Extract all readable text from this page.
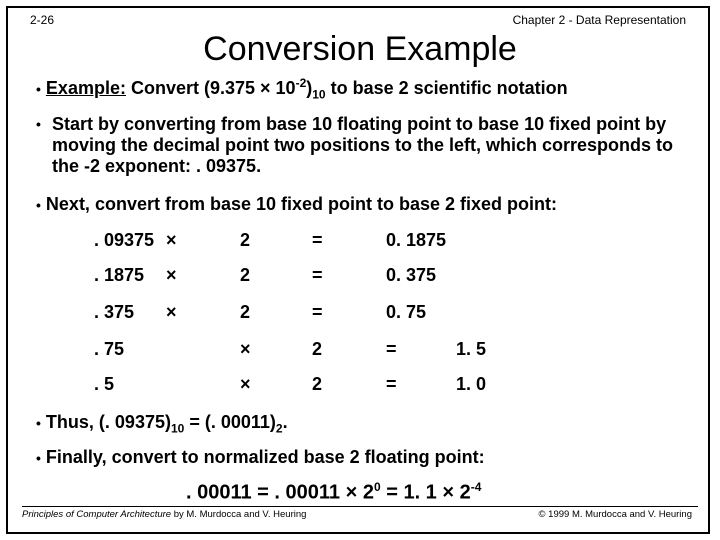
2-26	Chapter 2 - Data Representation
Conversion Example
• Example: Convert $(9.375 \times 10^{-2})_{10}$ to base 2 scientific notation
• Start by converting from base 10 floating point to base 10 fixed point by moving the decimal point two positions to the left, which corresponds to the -2 exponent: . 09375.
• Next, convert from base 10 fixed point to base 2 fixed point:
. 09375 ×	2	=	0. 1875
. 1875 ×	2	=	0. 375
. 375 ×	2	=	0. 75
. 75	×	2	=	1. 5
. 5	×	2	=	1. 0
• Thus, (. $09375)_{10}$ = (. $00011)_2$.
• Finally, convert to normalized base 2 floating point:
. 00011 = . $00011 \times 2^0 = 1$. $1 \times 2^{-4}$
Principles of Computer Architecture by M. Murdocca and V. Heuring	© 1999 M. Murdocca and V. Heuring
